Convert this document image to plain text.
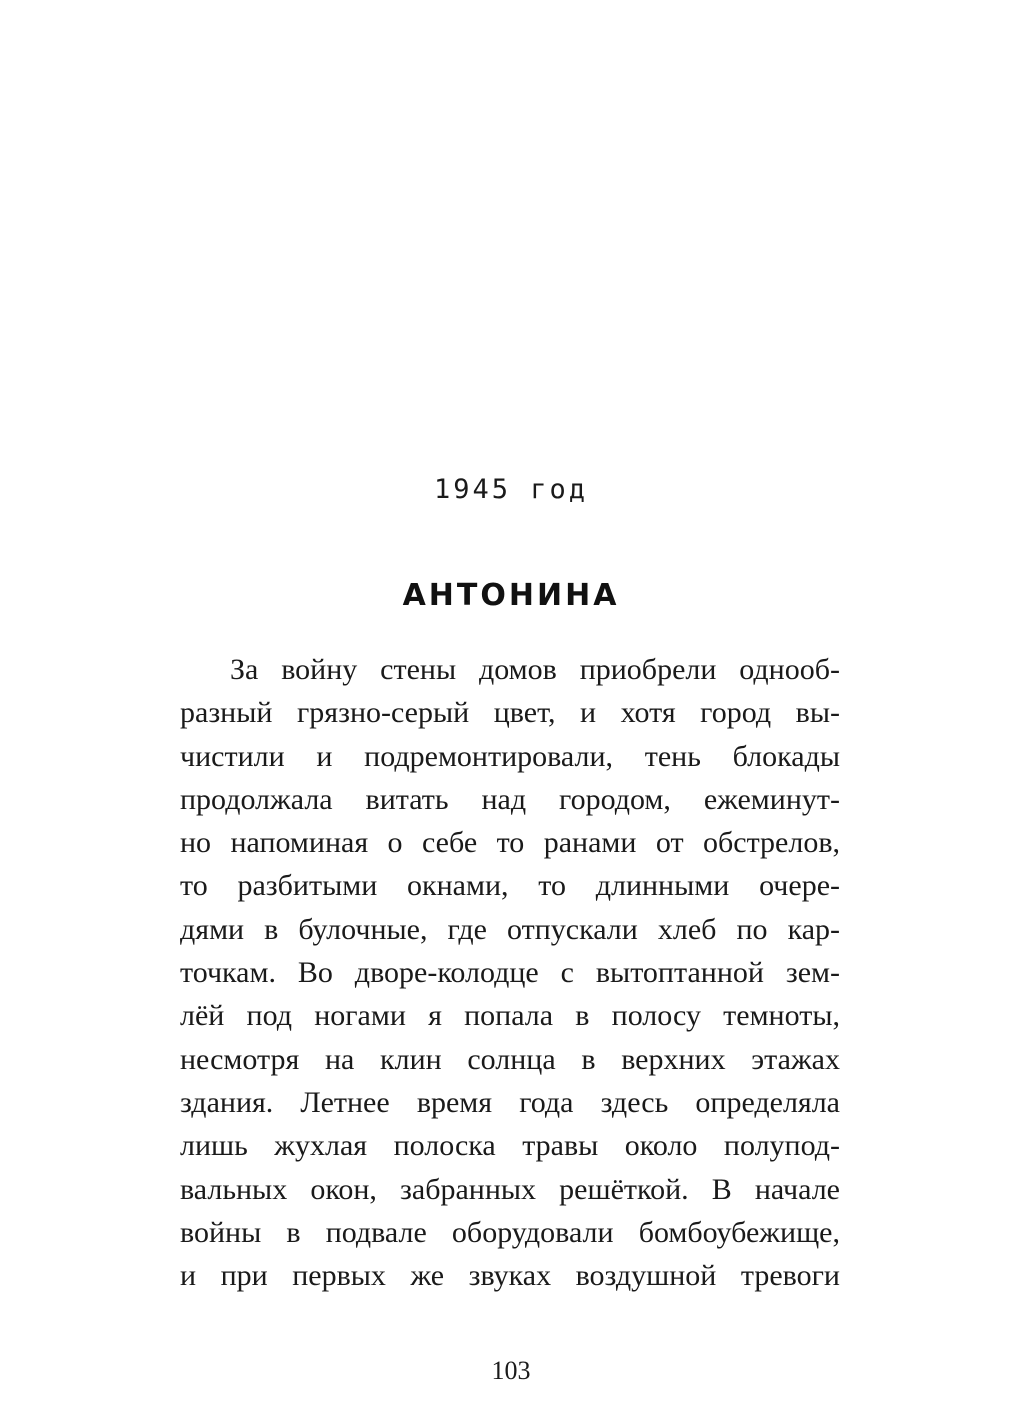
1945 год
АНТОНИНА
За войну стены домов приобрели однооб-
разный грязно-серый цвет, и хотя город вы-
чистили и подремонтировали, тень блокады
продолжала витать над городом, ежеминут-
но напоминая о себе то ранами от обстрелов,
то разбитыми окнами, то длинными очере-
дями в булочные, где отпускали хлеб по кар-
точкам. Во дворе-колодце с вытоптанной зем-
лёй под ногами я попала в полосу темноты,
несмотря на клин солнца в верхних этажах
здания. Летнее время года здесь определяла
лишь жухлая полоска травы около полупод-
вальных окон, забранных решёткой. В начале
войны в подвале оборудовали бомбоубежище,
и при первых же звуках воздушной тревоги
103
